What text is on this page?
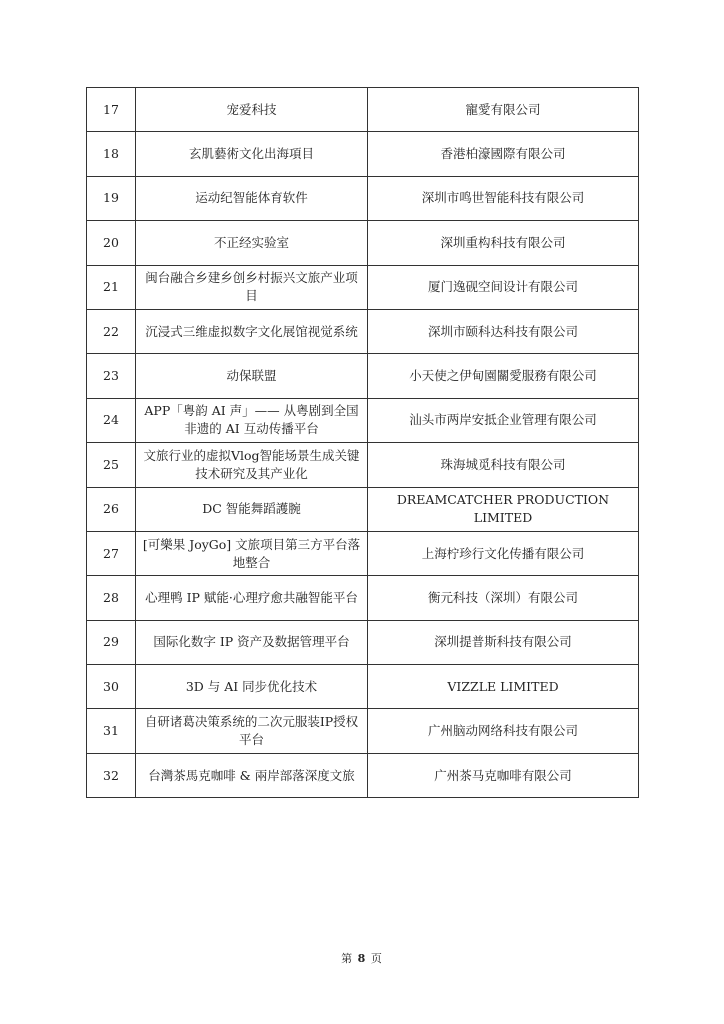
17	宠爱科技	寵愛有限公司
18	玄肌藝術文化出海項目	香港柏濠國際有限公司
19	运动纪智能体育软件	深圳市鸣世智能科技有限公司
20	不正经实验室	深圳重构科技有限公司
21	闽台融合乡建乡创乡村振兴文旅产业项目	厦门逸砚空间设计有限公司
22	沉浸式三维虚拟数字文化展馆视觉系统	深圳市颐科达科技有限公司
23	动保联盟	小天使之伊甸園關愛服務有限公司
24	APP「粤韵 AI 声」—— 从粤剧到全国非遗的 AI 互动传播平台	汕头市两岸安抵企业管理有限公司
25	文旅行业的虚拟Vlog智能场景生成关键技术研究及其产业化	珠海城觅科技有限公司
26	DC 智能舞蹈護腕	DREAMCATCHER PRODUCTION LIMITED
27	[可樂果 JoyGo] 文旅项目第三方平台落地整合	上海柠珍行文化传播有限公司
28	心理鸭 IP 赋能·心理疗愈共融智能平台	衡元科技（深圳）有限公司
29	国际化数字 IP 资产及数据管理平台	深圳提普斯科技有限公司
30	3D 与 AI 同步优化技术	VIZZLE LIMITED
31	自研诸葛决策系统的二次元服装IP授权平台	广州脑动网络科技有限公司
32	台灣茶馬克咖啡 & 兩岸部落深度文旅	广州茶马克咖啡有限公司
第 8 页
